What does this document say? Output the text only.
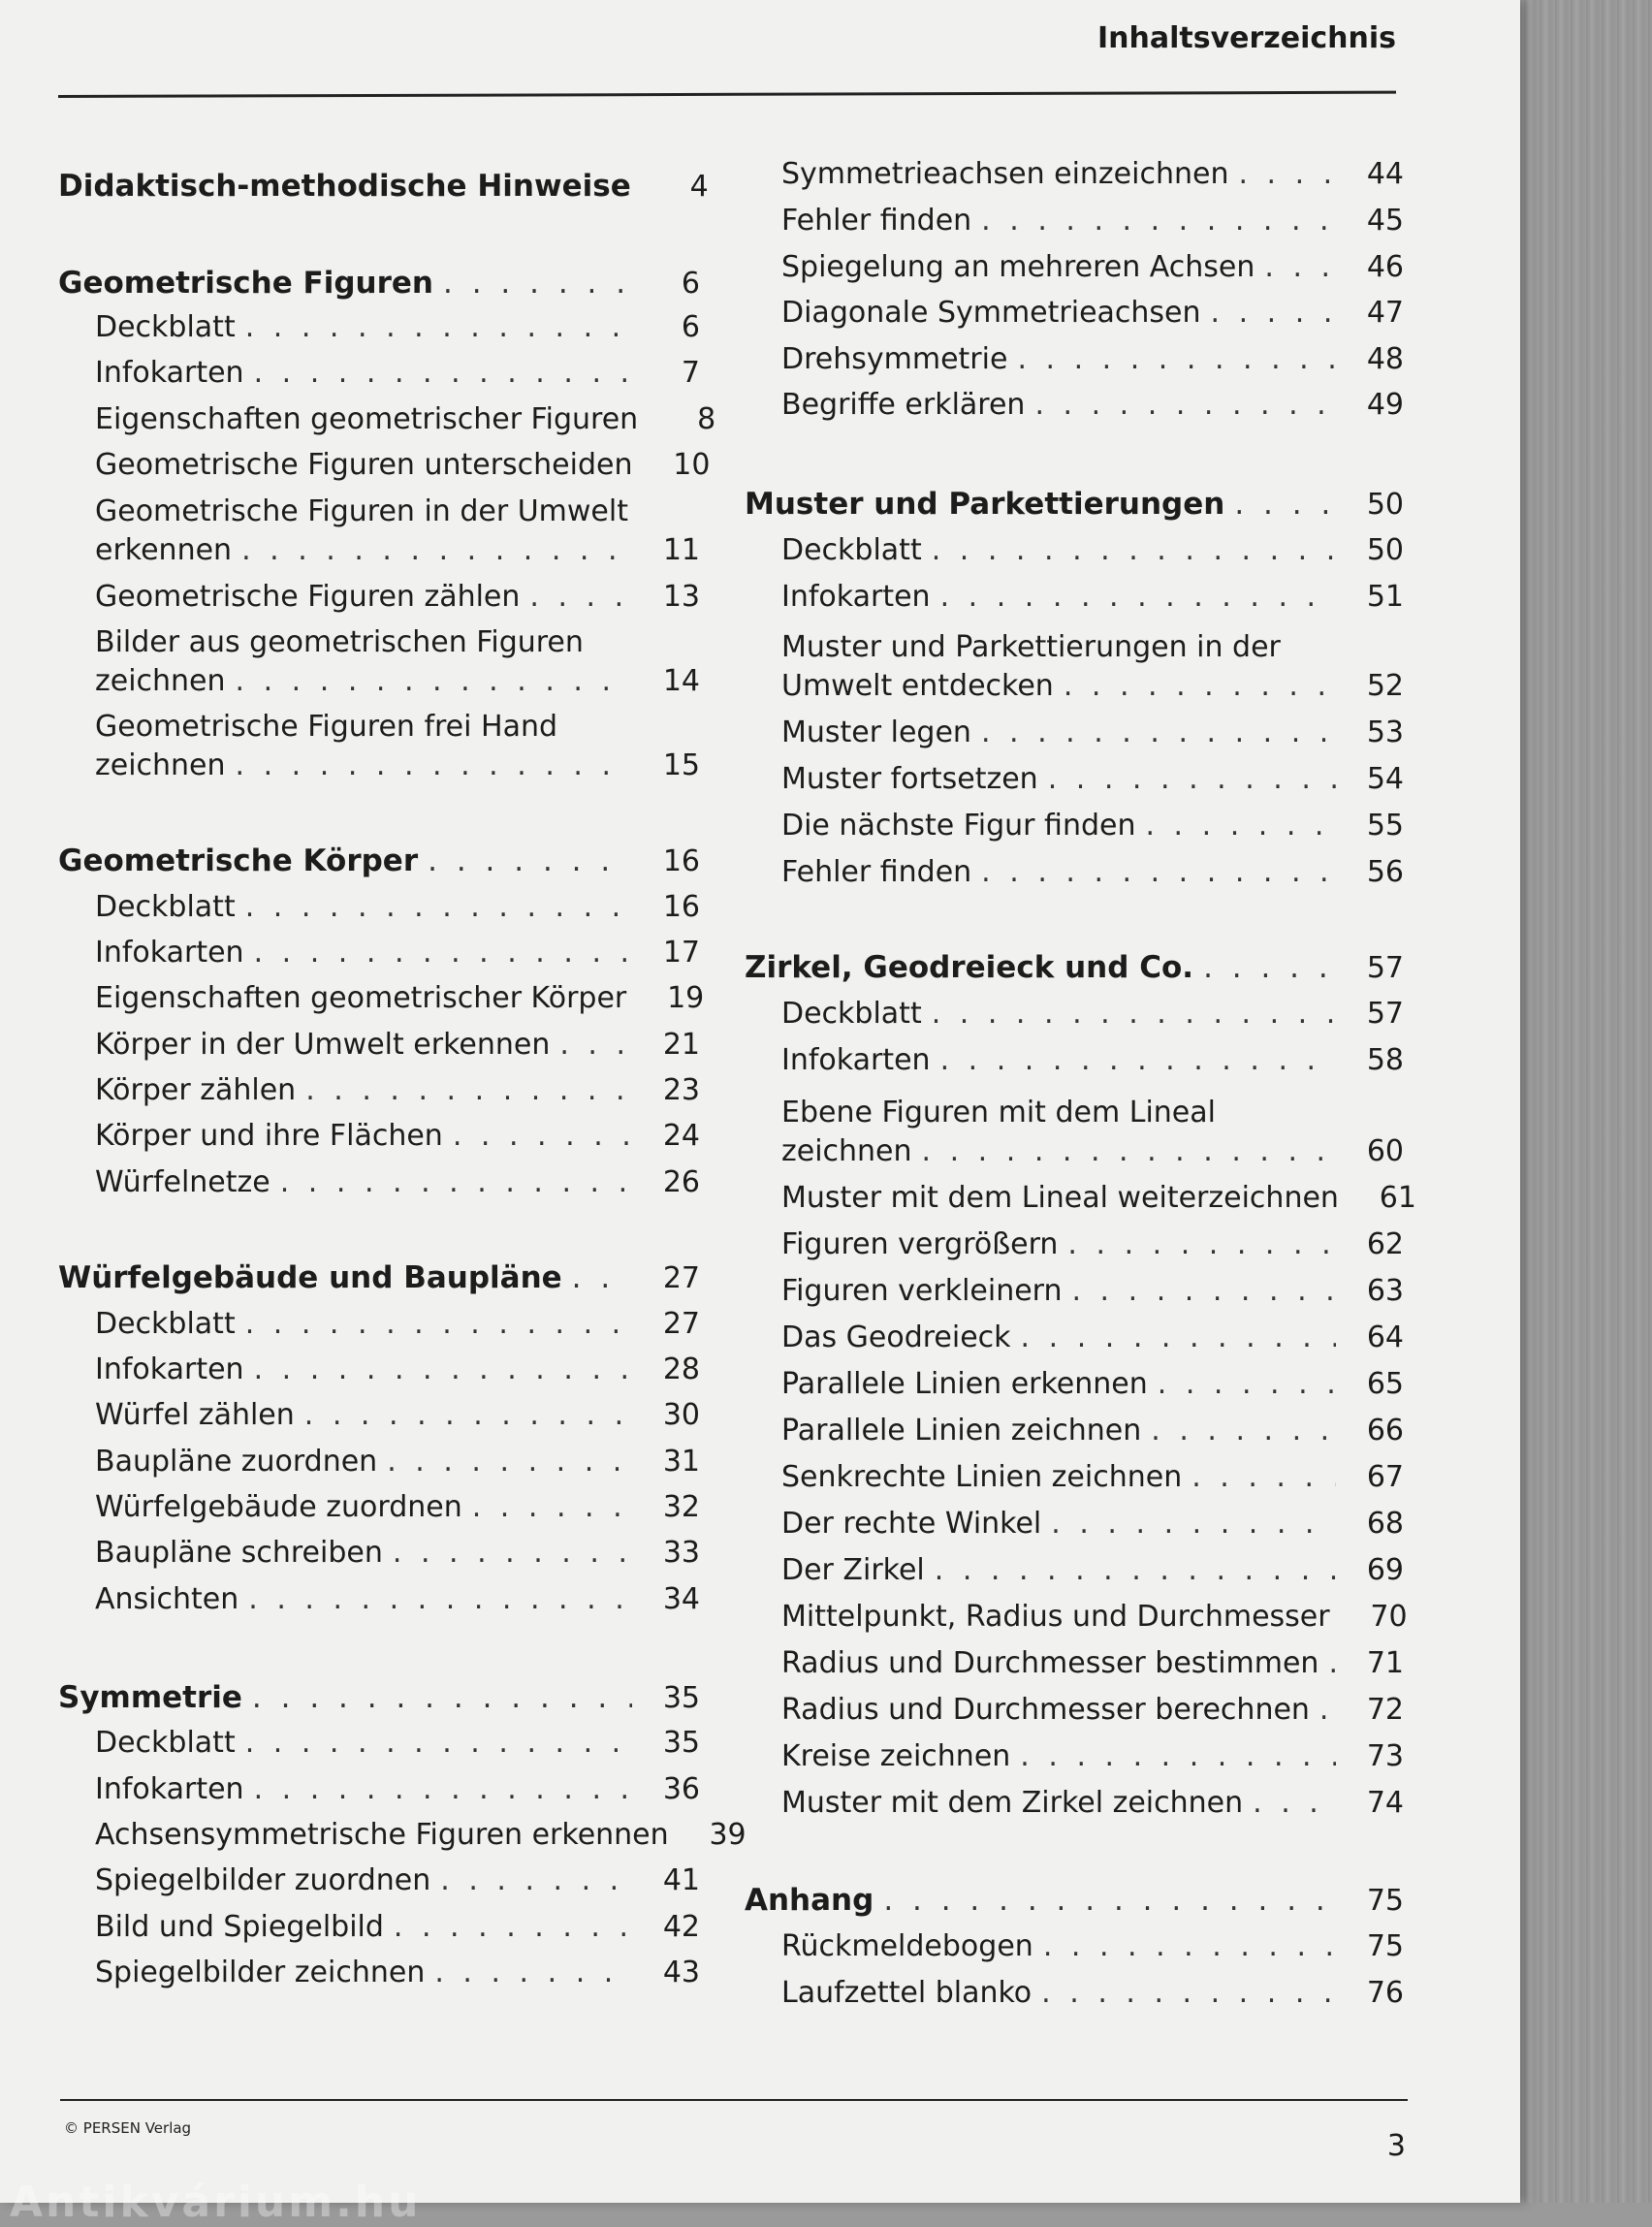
Inhaltsverzeichnis
Didaktisch-methodische Hinweise	4
Geometrische Figuren . . .	6
Deckblatt . . .	6
Infokarten . . .	7
Eigenschaften geometrischer Figuren	8
Geometrische Figuren unterscheiden	10
Geometrische Figuren in der Umwelt
erkennen . . .	11
Geometrische Figuren zählen . . .	13
Bilder aus geometrischen Figuren
zeichnen . . .	14
Geometrische Figuren frei Hand
zeichnen . . .	15
Geometrische Körper . . .	16
Deckblatt . . .	16
Infokarten . . .	17
Eigenschaften geometrischer Körper	19
Körper in der Umwelt erkennen . . .	21
Körper zählen . . .	23
Körper und ihre Flächen . . .	24
Würfelnetze . . .	26
Würfelgebäude und Baupläne . . .	27
Deckblatt . . .	27
Infokarten . . .	28
Würfel zählen . . .	30
Baupläne zuordnen . . .	31
Würfelgebäude zuordnen . . .	32
Baupläne schreiben . . .	33
Ansichten . . .	34
Symmetrie . . .	35
Deckblatt . . .	35
Infokarten . . .	36
Achsensymmetrische Figuren erkennen	39
Spiegelbilder zuordnen . . .	41
Bild und Spiegelbild . . .	42
Spiegelbilder zeichnen . . .	43
Symmetrieachsen einzeichnen . . .	44
Fehler finden . . .	45
Spiegelung an mehreren Achsen . . .	46
Diagonale Symmetrieachsen . . .	47
Drehsymmetrie . . .	48
Begriffe erklären . . .	49
Muster und Parkettierungen . . .	50
Deckblatt . . .	50
Infokarten . . .	51
Muster und Parkettierungen in der
Umwelt entdecken . . .	52
Muster legen . . .	53
Muster fortsetzen . . .	54
Die nächste Figur finden . . .	55
Fehler finden . . .	56
Zirkel, Geodreieck und Co. . . .	57
Deckblatt . . .	57
Infokarten . . .	58
Ebene Figuren mit dem Lineal
zeichnen . . .	60
Muster mit dem Lineal weiterzeichnen	61
Figuren vergrößern . . .	62
Figuren verkleinern . . .	63
Das Geodreieck . . .	64
Parallele Linien erkennen . . .	65
Parallele Linien zeichnen . . .	66
Senkrechte Linien zeichnen . . .	67
Der rechte Winkel . . .	68
Der Zirkel . . .	69
Mittelpunkt, Radius und Durchmesser	70
Radius und Durchmesser bestimmen . . .	71
Radius und Durchmesser berechnen . . .	72
Kreise zeichnen . . .	73
Muster mit dem Zirkel zeichnen . . .	74
Anhang . . .	75
Rückmeldebogen . . .	75
Laufzettel blanko . . .	76
© PERSEN Verlag
3
Antikvárium.hu
